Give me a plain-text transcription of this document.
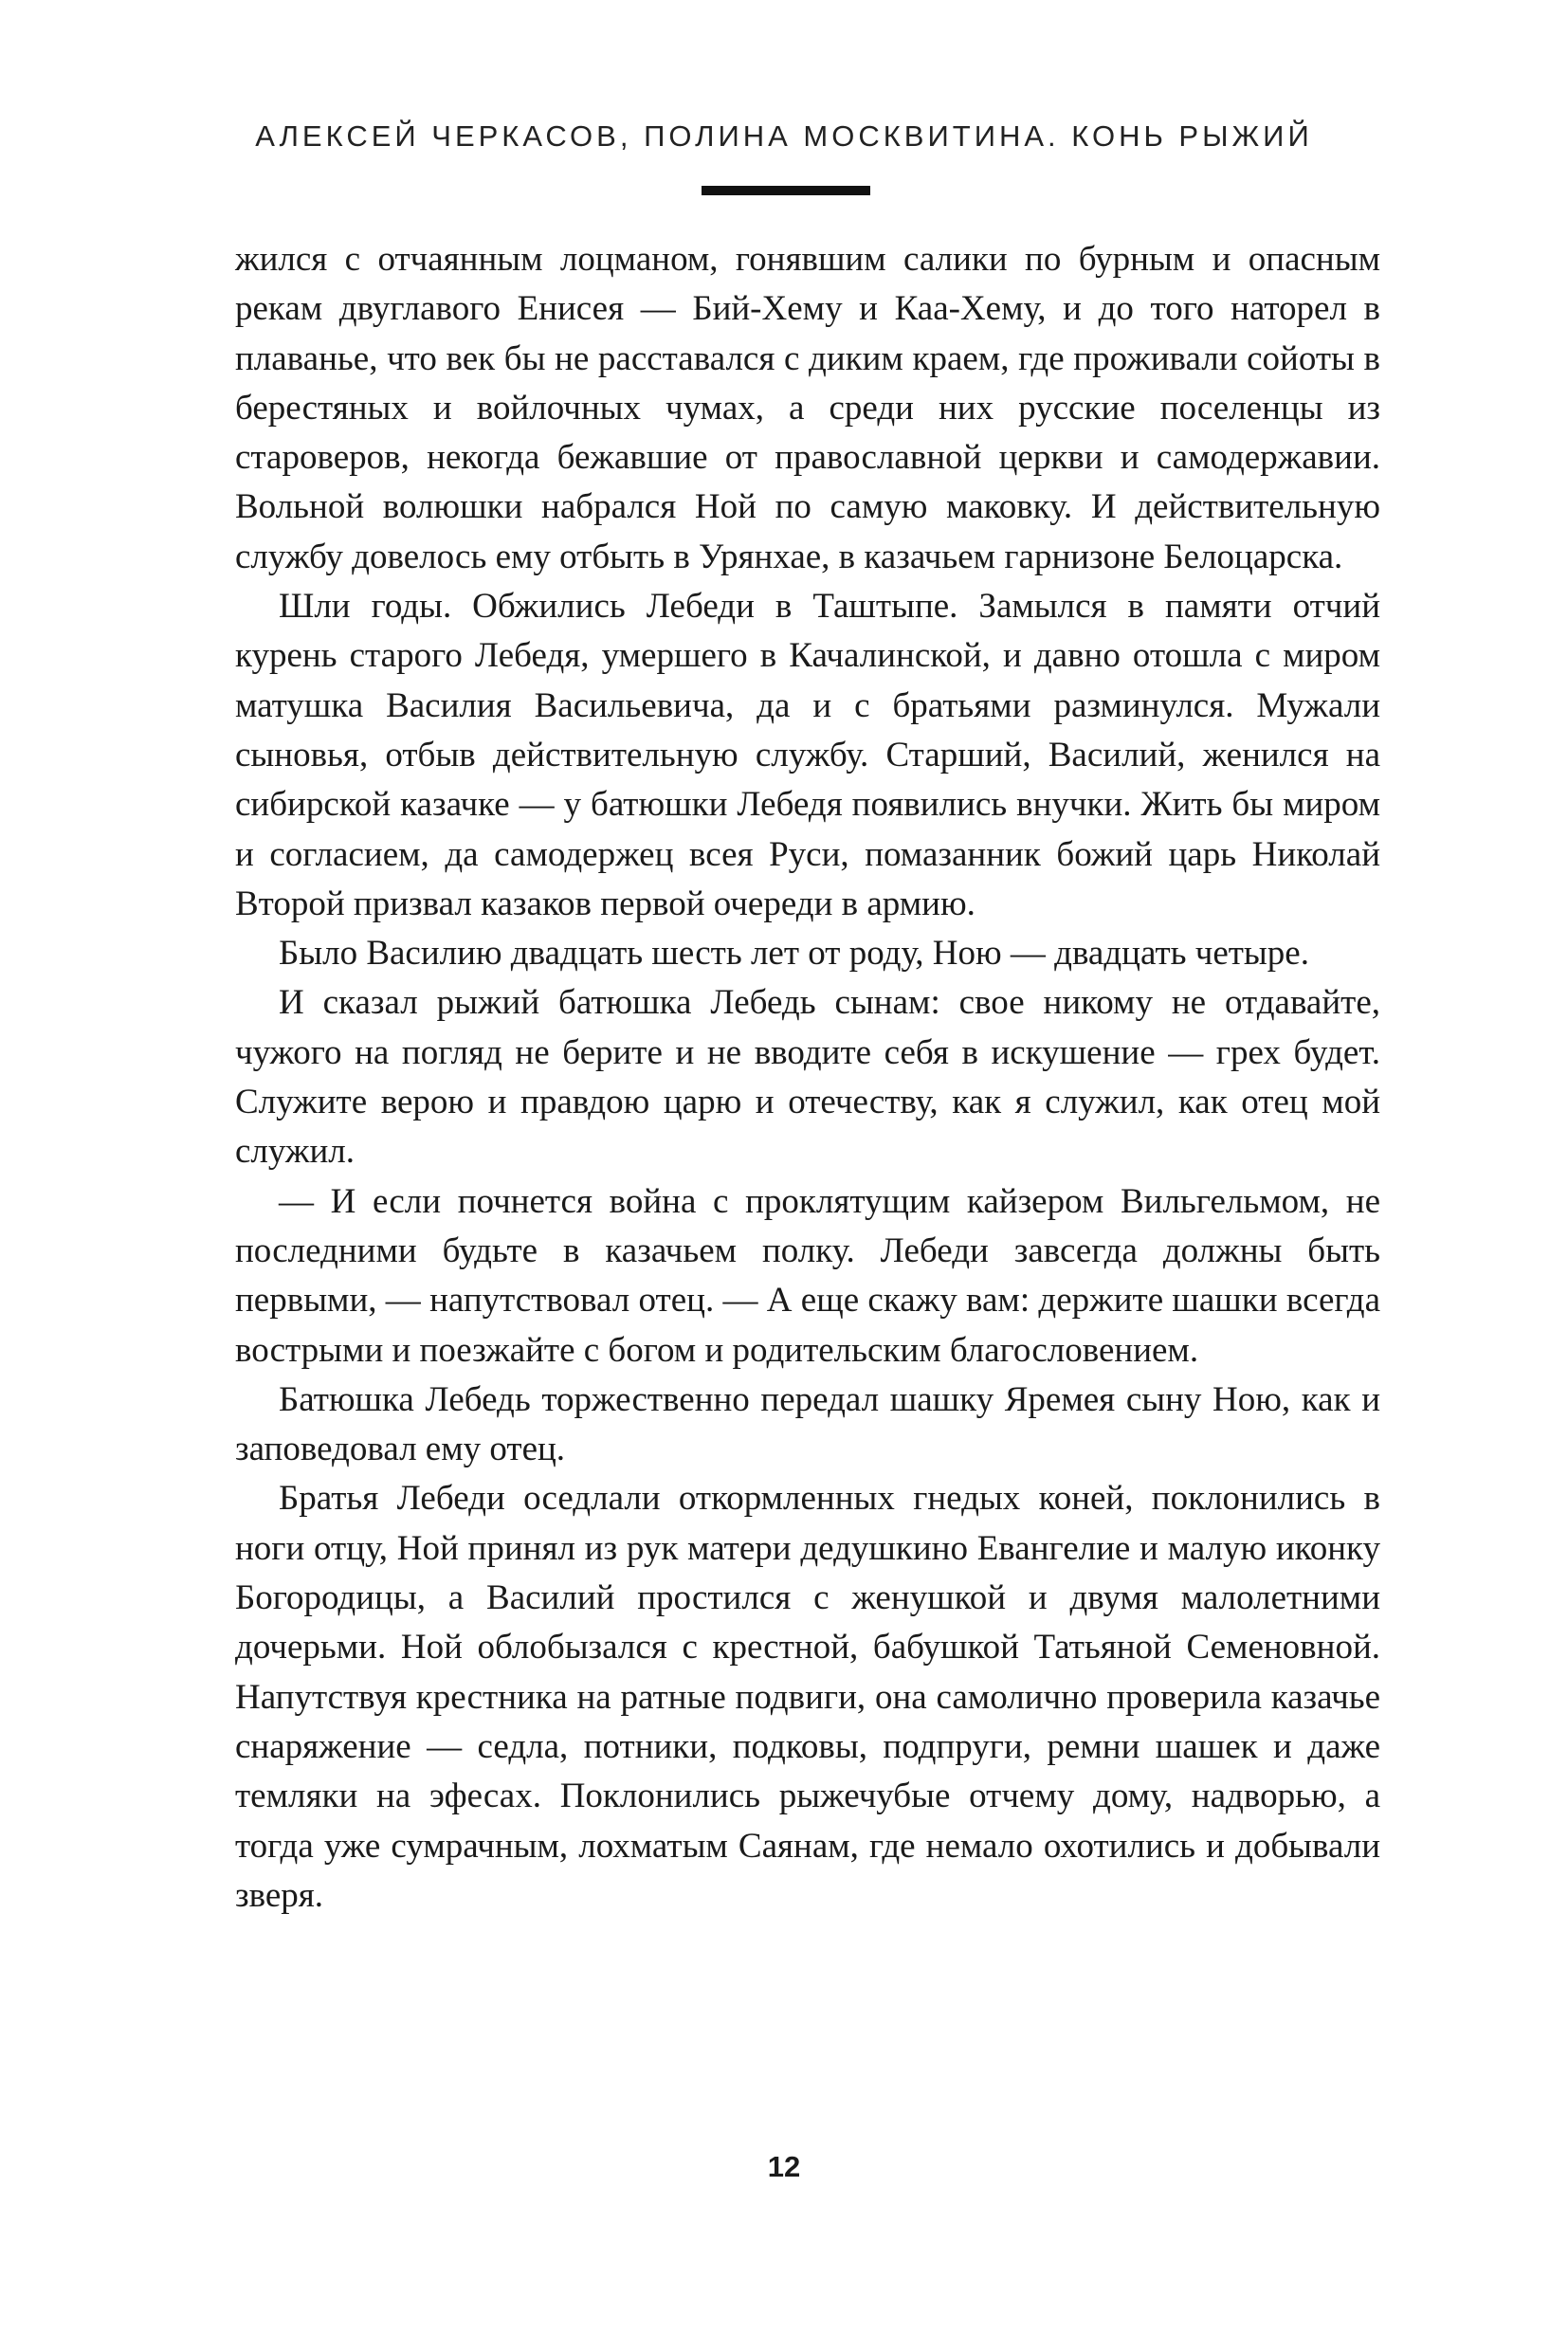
АЛЕКСЕЙ ЧЕРКАСОВ, ПОЛИНА МОСКВИТИНА. КОНЬ РЫЖИЙ

жился с отчаянным лоцманом, гонявшим салики по бурным и опасным рекам двуглавого Енисея — Бий-Хему и Каа-Хему, и до того наторел в плаванье, что век бы не расставался с диким краем, где проживали сойоты в берестяных и войлочных чумах, а среди них русские поселенцы из староверов, некогда бежавшие от православной церкви и самодержавии. Вольной волюшки набрался Ной по самую маковку. И действительную службу довелось ему отбыть в Урянхае, в казачьем гарнизоне Белоцарска.

Шли годы. Обжились Лебеди в Таштыпе. Замылся в памяти отчий курень старого Лебедя, умершего в Качалинской, и давно отошла с миром матушка Василия Васильевича, да и с братьями разминулся. Мужали сыновья, отбыв действительную службу. Старший, Василий, женился на сибирской казачке — у батюшки Лебедя появились внучки. Жить бы миром и согласием, да самодержец всея Руси, помазанник божий царь Николай Второй призвал казаков первой очереди в армию.

Было Василию двадцать шесть лет от роду, Ною — двадцать четыре.

И сказал рыжий батюшка Лебедь сынам: свое никому не отдавайте, чужого на погляд не берите и не вводите себя в искушение — грех будет. Служите верою и правдою царю и отечеству, как я служил, как отец мой служил.

— И если почнется война с проклятущим кайзером Вильгельмом, не последними будьте в казачьем полку. Лебеди завсегда должны быть первыми, — напутствовал отец. — А еще скажу вам: держите шашки всегда вострыми и поезжайте с богом и родительским благословением.

Батюшка Лебедь торжественно передал шашку Яремея сыну Ною, как и заповедовал ему отец.

Братья Лебеди оседлали откормленных гнедых коней, поклонились в ноги отцу, Ной принял из рук матери дедушкино Евангелие и малую иконку Богородицы, а Василий простился с женушкой и двумя малолетними дочерьми. Ной облобызался с крестной, бабушкой Татьяной Семеновной. Напутствуя крестника на ратные подвиги, она самолично проверила казачье снаряжение — седла, потники, подковы, подпруги, ремни шашек и даже темляки на эфесах. Поклонились рыжечубые отчему дому, надворью, а тогда уже сумрачным, лохматым Саянам, где немало охотились и добывали зверя.

12
